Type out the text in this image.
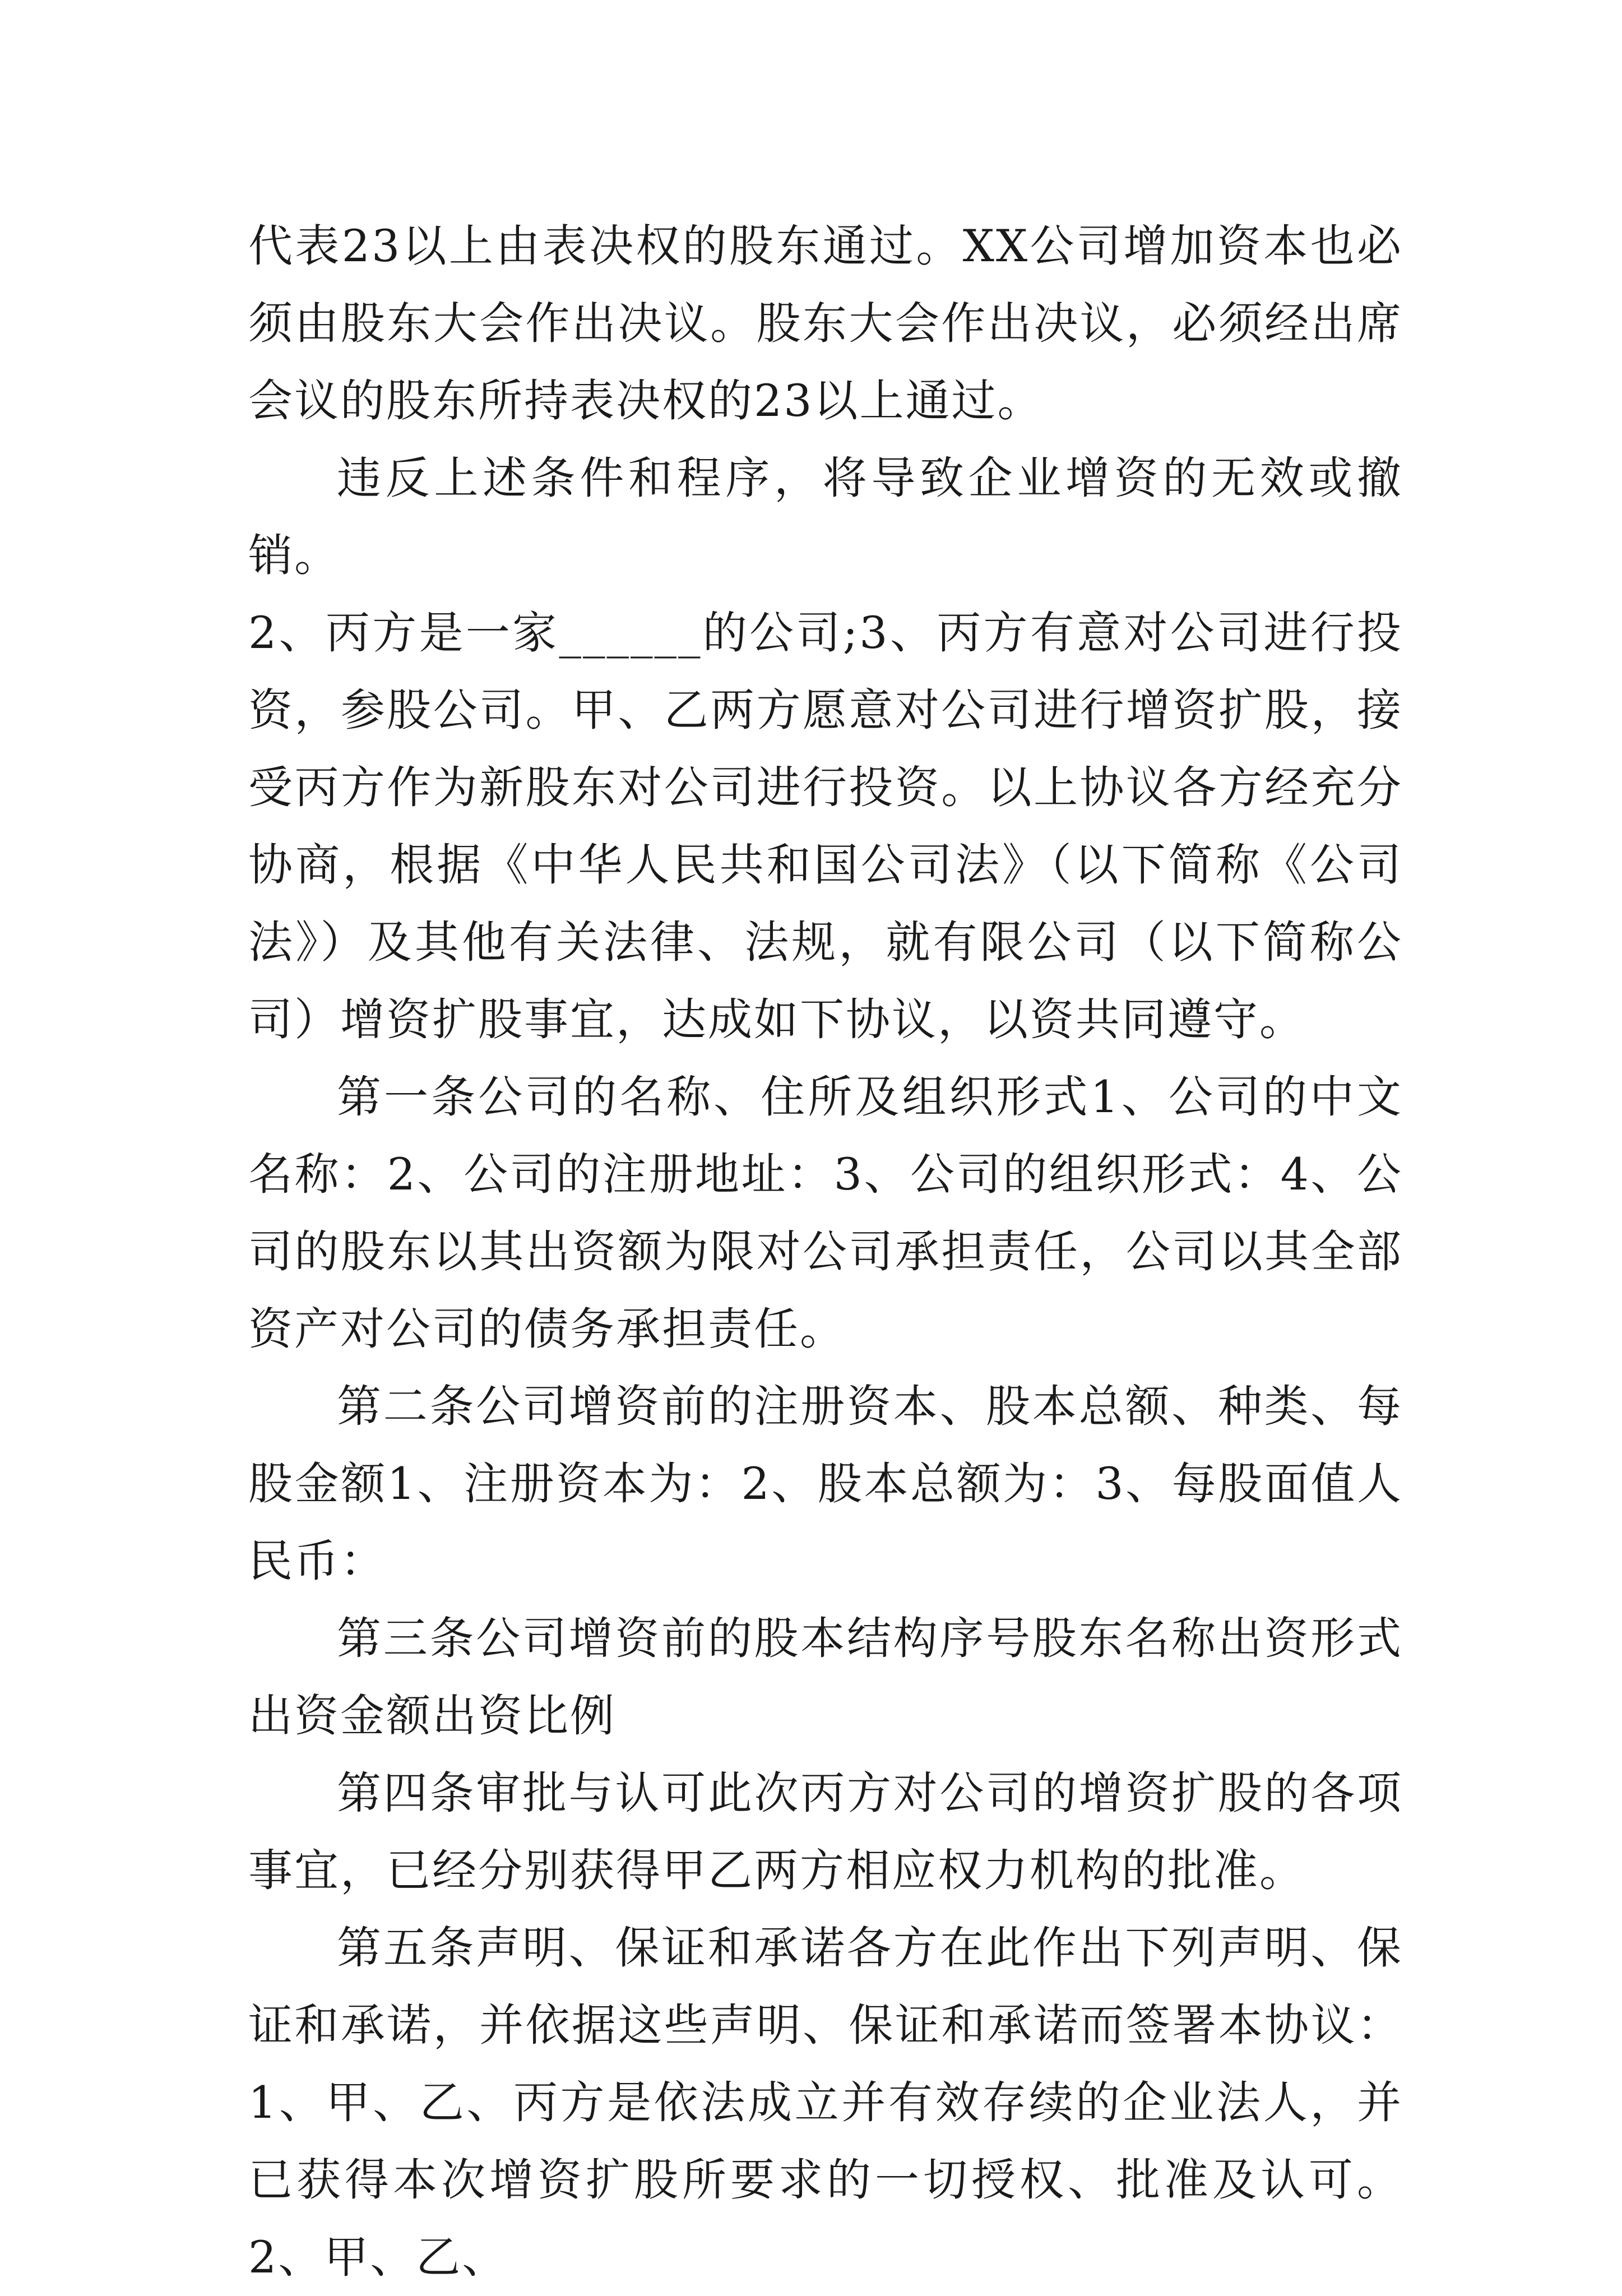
代表23以上由表决权的股东通过。XX公司增加资本也必须由股东大会作出决议。股东大会作出决议，必须经出席会议的股东所持表决权的23以上通过。

违反上述条件和程序，将导致企业增资的无效或撤销。

2、丙方是一家______的公司;3、丙方有意对公司进行投资，参股公司。甲、乙两方愿意对公司进行增资扩股，接受丙方作为新股东对公司进行投资。以上协议各方经充分协商，根据《中华人民共和国公司法》（以下简称《公司法》）及其他有关法律、法规，就有限公司（以下简称公司）增资扩股事宜，达成如下协议，以资共同遵守。

第一条公司的名称、住所及组织形式1、公司的中文名称：2、公司的注册地址：3、公司的组织形式：4、公司的股东以其出资额为限对公司承担责任，公司以其全部资产对公司的债务承担责任。

第二条公司增资前的注册资本、股本总额、种类、每股金额1、注册资本为：2、股本总额为：3、每股面值人民币：

第三条公司增资前的股本结构序号股东名称出资形式出资金额出资比例

第四条审批与认可此次丙方对公司的增资扩股的各项事宜，已经分别获得甲乙两方相应权力机构的批准。

第五条声明、保证和承诺各方在此作出下列声明、保证和承诺，并依据这些声明、保证和承诺而签署本协议：1、甲、乙、丙方是依法成立并有效存续的企业法人，并已获得本次增资扩股所要求的一切授权、批准及认可。2、甲、乙、
